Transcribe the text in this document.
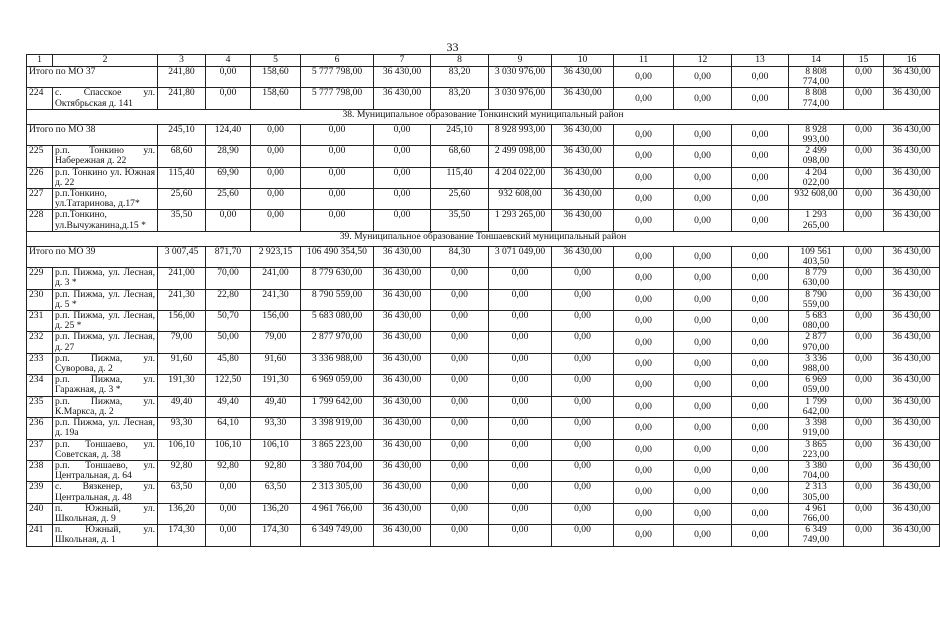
33
1	2	3	4	5	6	7	8	9	10	11	12	13	14	15	16
Итого по МО 37		241,80	0,00	158,60	5 777 798,00	36 430,00	83,20	3 030 976,00	36 430,00	0,00	0,00	0,00	8 808 774,00	0,00	36 430,00
224	с. Спасское ул. Октябрьская д. 141	241,80	0,00	158,60	5 777 798,00	36 430,00	83,20	3 030 976,00	36 430,00	0,00	0,00	0,00	8 808 774,00	0,00	36 430,00
38. Муниципальное образование Тонкинский муниципальный район															
Итого по МО 38		245,10	124,40	0,00	0,00	0,00	245,10	8 928 993,00	36 430,00	0,00	0,00	0,00	8 928 993,00	0,00	36 430,00
225	р.п. Тонкино ул. Набережная д. 22	68,60	28,90	0,00	0,00	0,00	68,60	2 499 098,00	36 430,00	0,00	0,00	0,00	2 499 098,00	0,00	36 430,00
226	р.п. Тонкино ул. Южная д. 22	115,40	69,90	0,00	0,00	0,00	115,40	4 204 022,00	36 430,00	0,00	0,00	0,00	4 204 022,00	0,00	36 430,00
227	р.п.Тонкино, ул.Татаринова, д.17*	25,60	25,60	0,00	0,00	0,00	25,60	932 608,00	36 430,00	0,00	0,00	0,00	932 608,00	0,00	36 430,00
228	р.п.Тонкино, ул.Вычужанина,д.15 *	35,50	0,00	0,00	0,00	0,00	35,50	1 293 265,00	36 430,00	0,00	0,00	0,00	1 293 265,00	0,00	36 430,00
39. Муниципальное образование Тоншаевский муниципальный район															
Итого по МО 39		3 007,45	871,70	2 923,15	106 490 354,50	36 430,00	84,30	3 071 049,00	36 430,00	0,00	0,00	0,00	109 561 403,50	0,00	36 430,00
229	р.п. Пижма, ул. Лесная, д. 3 *	241,00	70,00	241,00	8 779 630,00	36 430,00	0,00	0,00	0,00	0,00	0,00	0,00	8 779 630,00	0,00	36 430,00
230	р.п. Пижма, ул. Лесная, д. 5 *	241,30	22,80	241,30	8 790 559,00	36 430,00	0,00	0,00	0,00	0,00	0,00	0,00	8 790 559,00	0,00	36 430,00
231	р.п. Пижма, ул. Лесная, д. 25 *	156,00	50,70	156,00	5 683 080,00	36 430,00	0,00	0,00	0,00	0,00	0,00	0,00	5 683 080,00	0,00	36 430,00
232	р.п. Пижма, ул. Лесная, д. 27	79,00	50,00	79,00	2 877 970,00	36 430,00	0,00	0,00	0,00	0,00	0,00	0,00	2 877 970,00	0,00	36 430,00
233	р.п. Пижма, ул. Суворова, д. 2	91,60	45,80	91,60	3 336 988,00	36 430,00	0,00	0,00	0,00	0,00	0,00	0,00	3 336 988,00	0,00	36 430,00
234	р.п. Пижма, ул. Гаражная, д. 3 *	191,30	122,50	191,30	6 969 059,00	36 430,00	0,00	0,00	0,00	0,00	0,00	0,00	6 969 059,00	0,00	36 430,00
235	р.п. Пижма, ул. К.Маркса, д. 2	49,40	49,40	49,40	1 799 642,00	36 430,00	0,00	0,00	0,00	0,00	0,00	0,00	1 799 642,00	0,00	36 430,00
236	р.п. Пижма, ул. Лесная, д. 19а	93,30	64,10	93,30	3 398 919,00	36 430,00	0,00	0,00	0,00	0,00	0,00	0,00	3 398 919,00	0,00	36 430,00
237	р.п. Тоншаево, ул. Советская, д. 38	106,10	106,10	106,10	3 865 223,00	36 430,00	0,00	0,00	0,00	0,00	0,00	0,00	3 865 223,00	0,00	36 430,00
238	р.п. Тоншаево, ул. Центральная, д. 64	92,80	92,80	92,80	3 380 704,00	36 430,00	0,00	0,00	0,00	0,00	0,00	0,00	3 380 704,00	0,00	36 430,00
239	с. Вязкенер, ул. Центральная, д. 48	63,50	0,00	63,50	2 313 305,00	36 430,00	0,00	0,00	0,00	0,00	0,00	0,00	2 313 305,00	0,00	36 430,00
240	п. Южный, ул. Школьная, д. 9	136,20	0,00	136,20	4 961 766,00	36 430,00	0,00	0,00	0,00	0,00	0,00	0,00	4 961 766,00	0,00	36 430,00
241	п. Южный, ул. Школьная, д. 1	174,30	0,00	174,30	6 349 749,00	36 430,00	0,00	0,00	0,00	0,00	0,00	0,00	6 349 749,00	0,00	36 430,00
